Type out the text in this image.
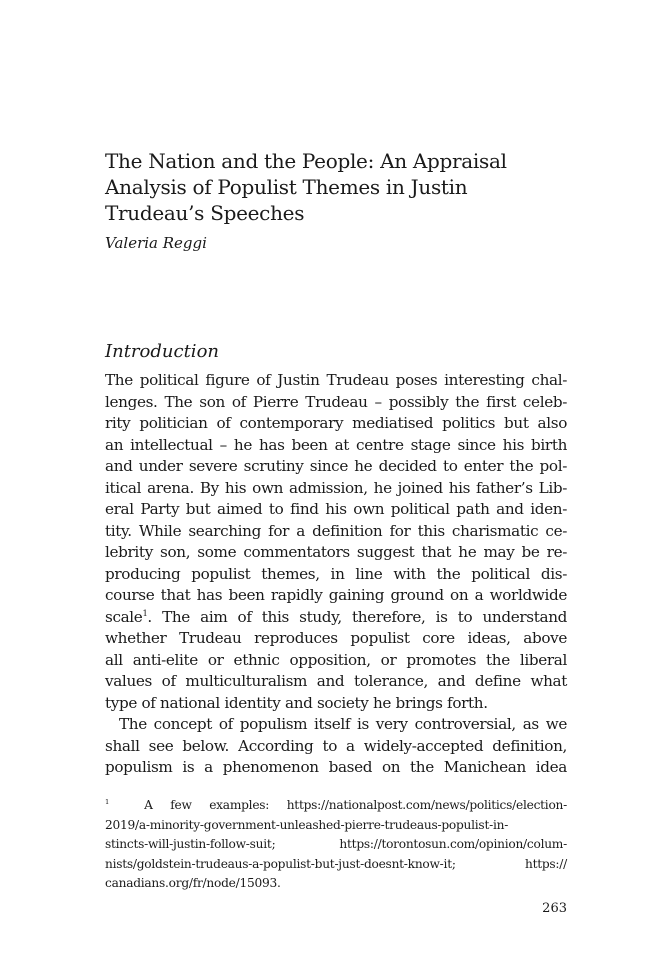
The Nation and the People: An Appraisal
Analysis of Populist Themes in Justin
Trudeau’s Speeches

Valeria Reggi

Introduction
The political figure of Justin Trudeau poses interesting chal-
lenges. The son of Pierre Trudeau – possibly the first celeb-
rity politician of contemporary mediatised politics but also
an intellectual – he has been at centre stage since his birth
and under severe scrutiny since he decided to enter the pol-
itical arena. By his own admission, he joined his father’s Lib-
eral Party but aimed to find his own political path and iden-
tity. While searching for a definition for this charismatic ce-
lebrity son, some commentators suggest that he may be re-
producing populist themes, in line with the political dis-
course that has been rapidly gaining ground on a worldwide
scale$^1$. The aim of this study, therefore, is to understand
whether Trudeau reproduces populist core ideas, above
all anti-elite or ethnic opposition, or promotes the liberal
values of multiculturalism and tolerance, and define what
type of national identity and society he brings forth.
The concept of populism itself is very controversial, as we
shall see below. According to a widely-accepted definition,
populism is a phenomenon based on the Manichean idea
$^1$	A few examples: https://nationalpost.com/news/politics/election-
2019/a-minority-government-unleashed-pierre-trudeaus-populist-in-
stincts-will-justin-follow-suit; https://torontosun.com/opinion/colum-
nists/goldstein-trudeaus-a-populist-but-just-doesnt-know-it; https://
canadians.org/fr/node/15093.
263
